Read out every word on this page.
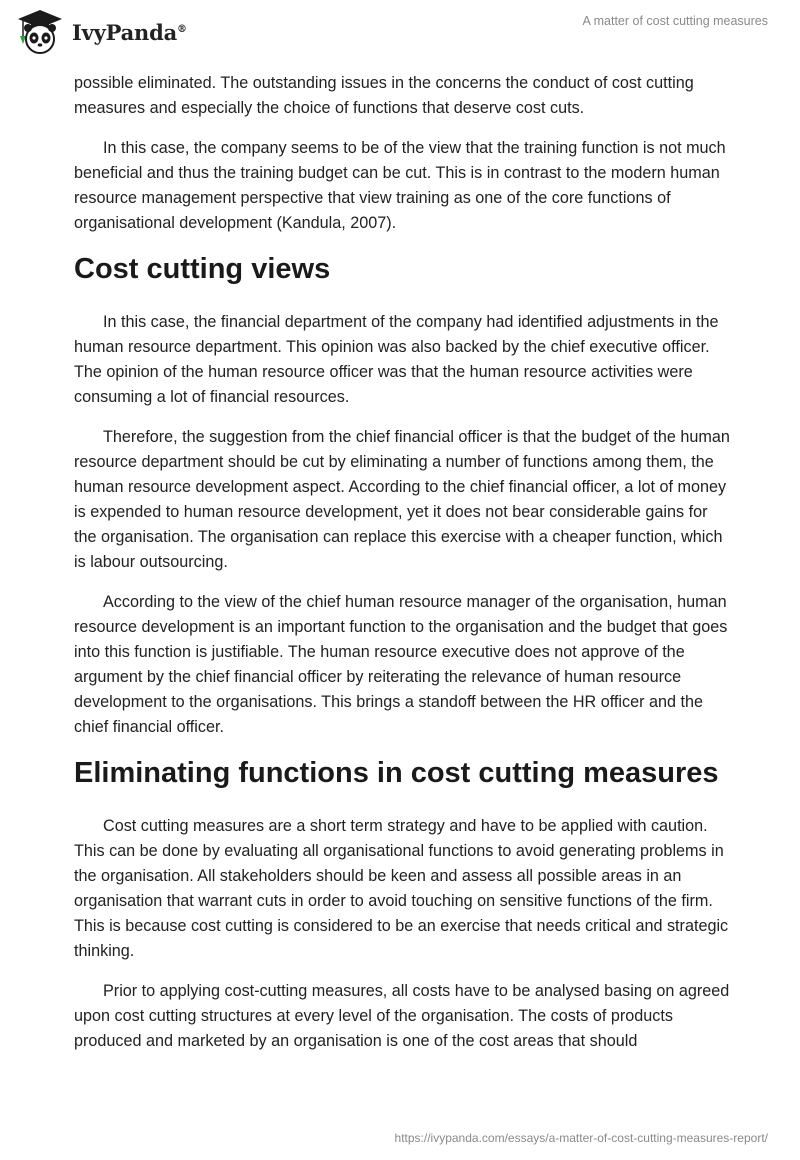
IvyPanda®
A matter of cost cutting measures

possible eliminated. The outstanding issues in the concerns the conduct of cost cutting measures and especially the choice of functions that deserve cost cuts.

In this case, the company seems to be of the view that the training function is not much beneficial and thus the training budget can be cut. This is in contrast to the modern human resource management perspective that view training as one of the core functions of organisational development (Kandula, 2007).

Cost cutting views

In this case, the financial department of the company had identified adjustments in the human resource department. This opinion was also backed by the chief executive officer. The opinion of the human resource officer was that the human resource activities were consuming a lot of financial resources.

Therefore, the suggestion from the chief financial officer is that the budget of the human resource department should be cut by eliminating a number of functions among them, the human resource development aspect. According to the chief financial officer, a lot of money is expended to human resource development, yet it does not bear considerable gains for the organisation. The organisation can replace this exercise with a cheaper function, which is labour outsourcing.

According to the view of the chief human resource manager of the organisation, human resource development is an important function to the organisation and the budget that goes into this function is justifiable. The human resource executive does not approve of the argument by the chief financial officer by reiterating the relevance of human resource development to the organisations. This brings a standoff between the HR officer and the chief financial officer.

Eliminating functions in cost cutting measures

Cost cutting measures are a short term strategy and have to be applied with caution. This can be done by evaluating all organisational functions to avoid generating problems in the organisation. All stakeholders should be keen and assess all possible areas in an organisation that warrant cuts in order to avoid touching on sensitive functions of the firm. This is because cost cutting is considered to be an exercise that needs critical and strategic thinking.

Prior to applying cost-cutting measures, all costs have to be analysed basing on agreed upon cost cutting structures at every level of the organisation. The costs of products produced and marketed by an organisation is one of the cost areas that should

https://ivypanda.com/essays/a-matter-of-cost-cutting-measures-report/
